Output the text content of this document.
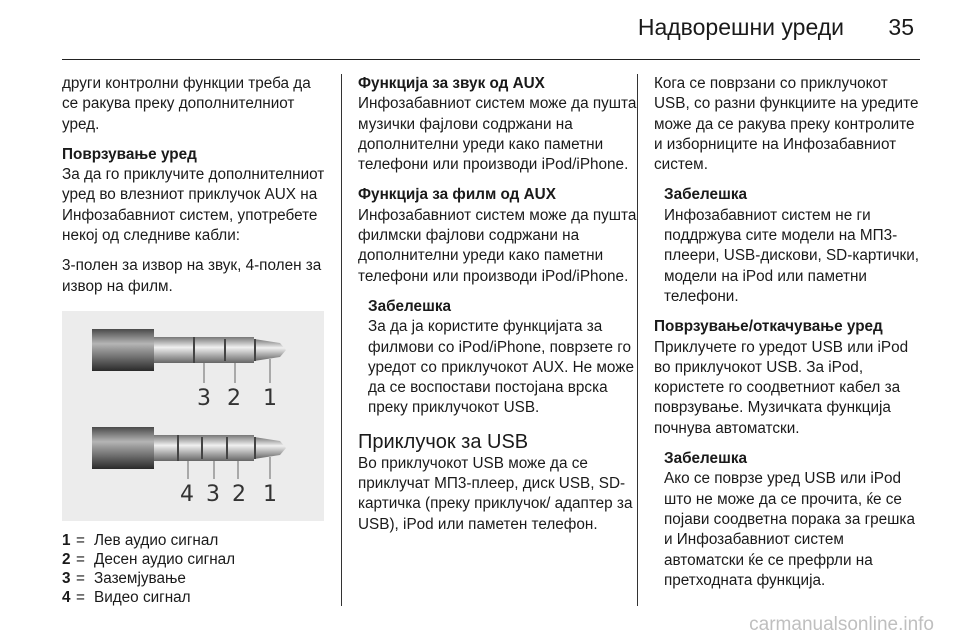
Надворешни уреди 35

други контролни функции треба да се ракува преку дополнителниот уред.

Поврзување уред
За да го приклучите дополнителниот уред во влезниот приклучок AUX на Инфозабавниот систем, употребете некој од следниве кабли:

3-полен за извор на звук, 4-полен за извор на филм.

3 2 1
4 3 2 1
1 = Лев аудио сигнал
2 = Десен аудио сигнал
3 = Заземјување
4 = Видео сигнал

Функција за звук од AUX
Инфозабавниот систем може да пушта музички фајлови содржани на дополнителни уреди како паметни телефони или производи iPod/iPhone.

Функција за филм од AUX
Инфозабавниот систем може да пушта филмски фајлови содржани на дополнителни уреди како паметни телефони или производи iPod/iPhone.

Забелешка
За да ја користите функцијата за филмови со iPod/iPhone, поврзете го уредот со приклучокот AUX. Не може да се воспостави постојана врска преку приклучокот USB.
Приклучок за USB

Во приклучокот USB може да се приклучат МП3-плеер, диск USB, SD-картичка (преку приклучок/ адаптер за USB), iPod или паметен телефон.

Кога се поврзани со приклучокот USB, со разни функциите на уредите може да се ракува преку контролите и изборниците на Инфозабавниот систем.

Забелешка
Инфозабавниот систем не ги поддржува сите модели на МП3-плеери, USB-дискови, SD-картички, модели на iPod или паметни телефони.

Поврзување/откачување уред
Приклучете го уредот USB или iPod во приклучокот USB. За iPod, користете го соодветниот кабел за поврзување. Музичката функција почнува автоматски.

Забелешка
Ако се поврзе уред USB или iPod што не може да се прочита, ќе се појави соодветна порака за грешка и Инфозабавниот систем автоматски ќе се префрли на претходната функција.
carmanualsonline.info
